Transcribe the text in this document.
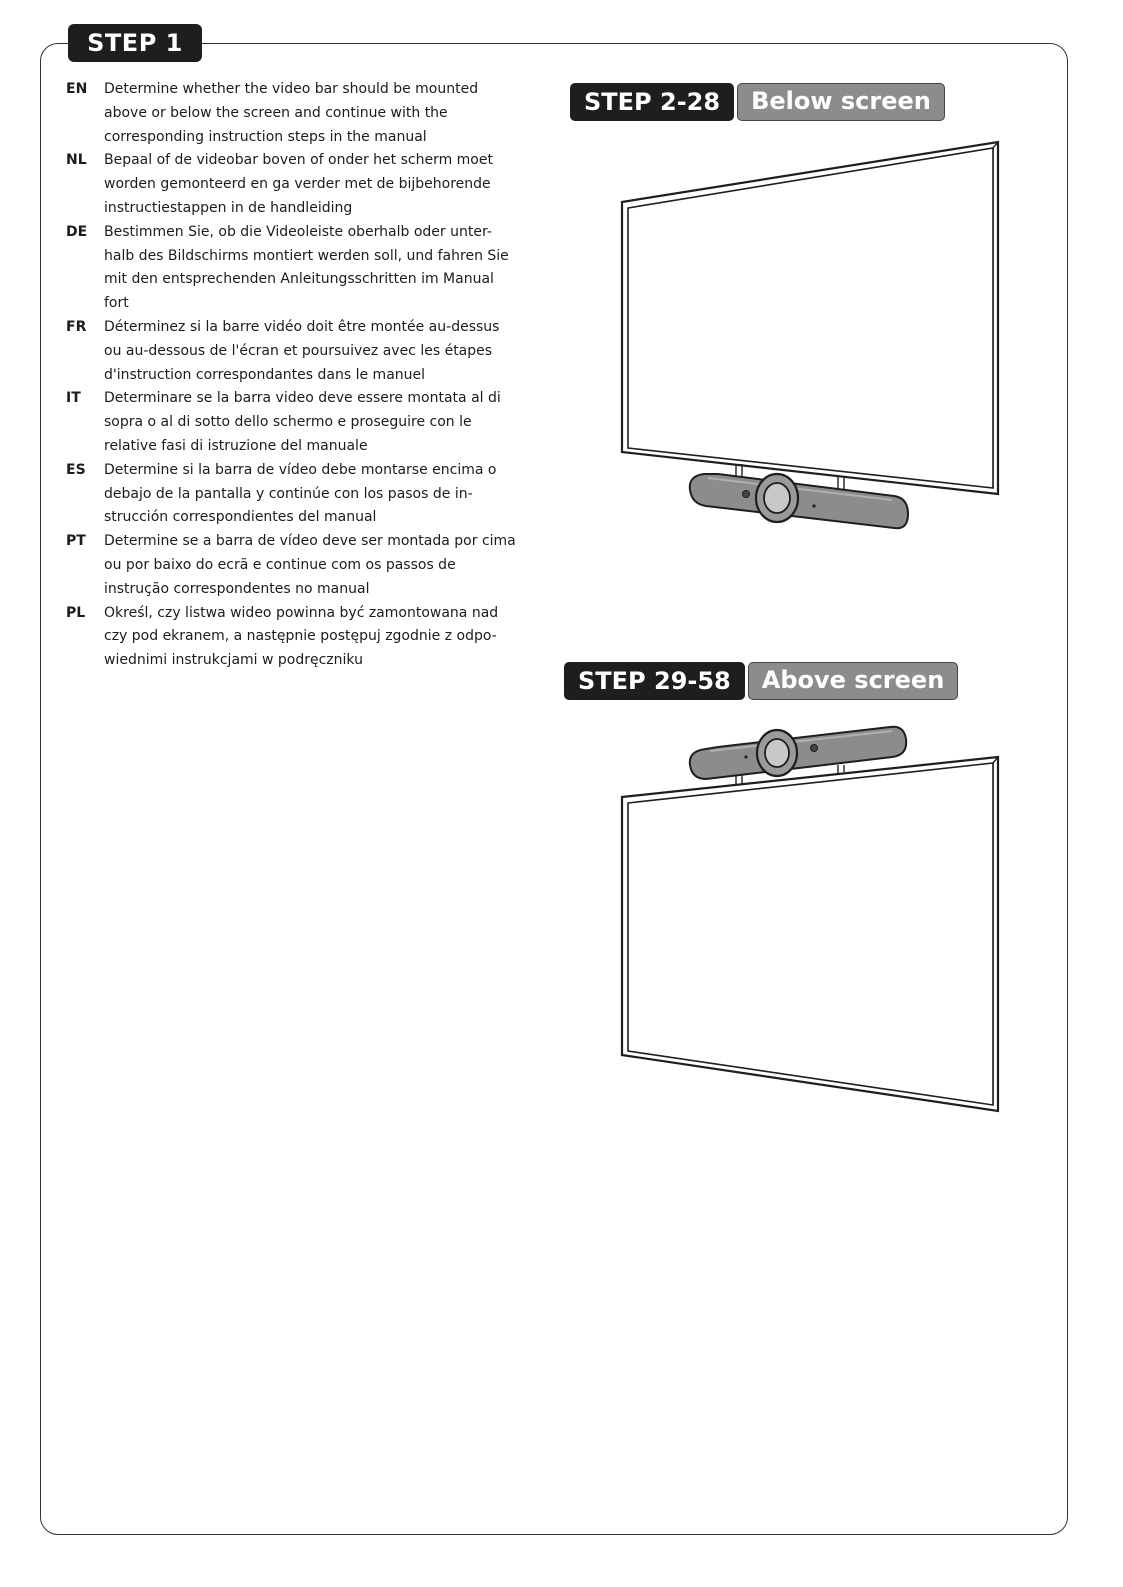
STEP 1
EN Determine whether the video bar should be mounted above or below the screen and continue with the corresponding instruction steps in the manual
NL Bepaal of de videobar boven of onder het scherm moet worden gemonteerd en ga verder met de bijbehorende instructiestappen in de handleiding
DE Bestimmen Sie, ob die Videoleiste oberhalb oder unter-halb des Bildschirms montiert werden soll, und fahren Sie mit den entsprechenden Anleitungsschritten im Manual fort
FR Déterminez si la barre vidéo doit être montée au-dessus ou au-dessous de l'écran et poursuivez avec les étapes d'instruction correspondantes dans le manuel
IT Determinare se la barra video deve essere montata al di sopra o al di sotto dello schermo e proseguire con le relative fasi di istruzione del manuale
ES Determine si la barra de vídeo debe montarse encima o debajo de la pantalla y continúe con los pasos de in-strucción correspondientes del manual
PT Determine se a barra de vídeo deve ser montada por cima ou por baixo do ecrã e continue com os passos de instrução correspondentes no manual
PL Określ, czy listwa wideo powinna być zamontowana nad czy pod ekranem, a następnie postępuj zgodnie z odpo-wiednimi instrukcjami w podręczniku
STEP 2-28	Below screen
STEP 29-58	Above screen
